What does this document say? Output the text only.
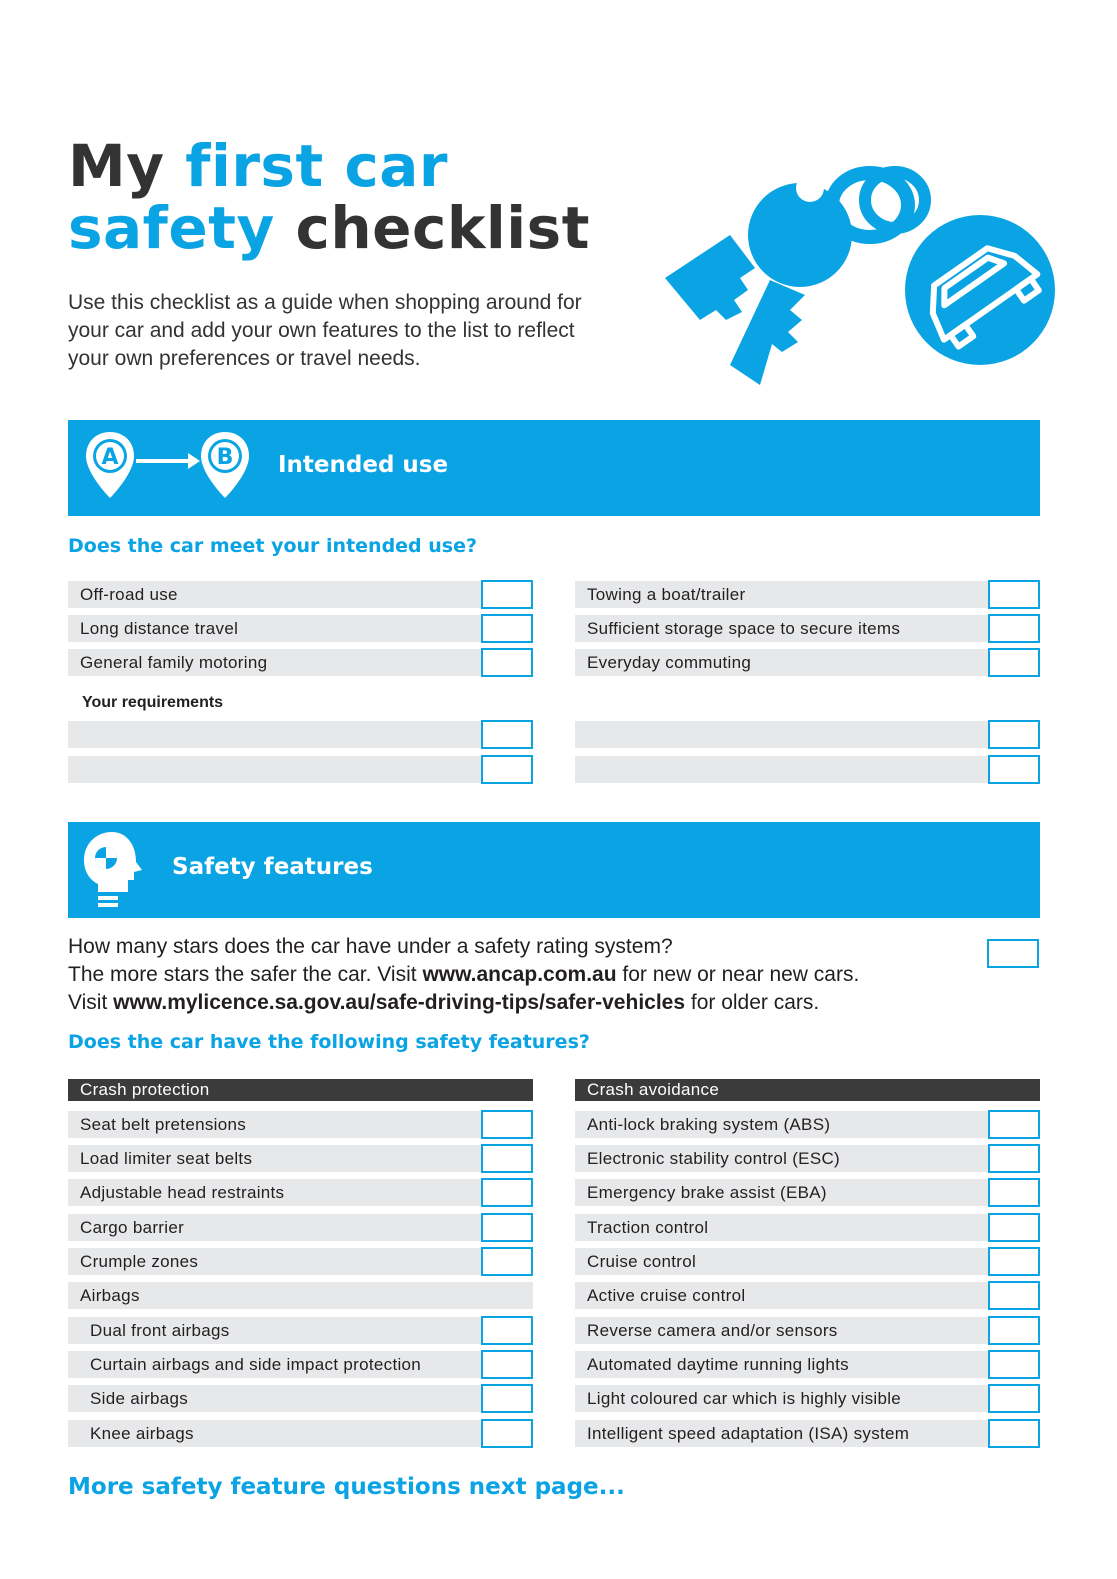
My first car
safety checklist
Use this checklist as a guide when shopping around for your car and add your own features to the list to reflect your own preferences or travel needs.
A	B Intended use
Does the car meet your intended use?
Off-road use
Long distance travel
General family motoring
Towing a boat/trailer
Sufficient storage space to secure items
Everyday commuting
Your requirements
Safety features
How many stars does the car have under a safety rating system?
The more stars the safer the car. Visit www.ancap.com.au for new or near new cars.
Visit www.mylicence.sa.gov.au/safe-driving-tips/safer-vehicles for older cars.
Does the car have the following safety features?
Crash protection
Seat belt pretensions
Load limiter seat belts
Adjustable head restraints
Cargo barrier
Crumple zones
Airbags
Dual front airbags
Curtain airbags and side impact protection
Side airbags
Knee airbags
Crash avoidance
Anti-lock braking system (ABS)
Electronic stability control (ESC)
Emergency brake assist (EBA)
Traction control
Cruise control
Active cruise control
Reverse camera and/or sensors
Automated daytime running lights
Light coloured car which is highly visible
Intelligent speed adaptation (ISA) system
More safety feature questions next page...
